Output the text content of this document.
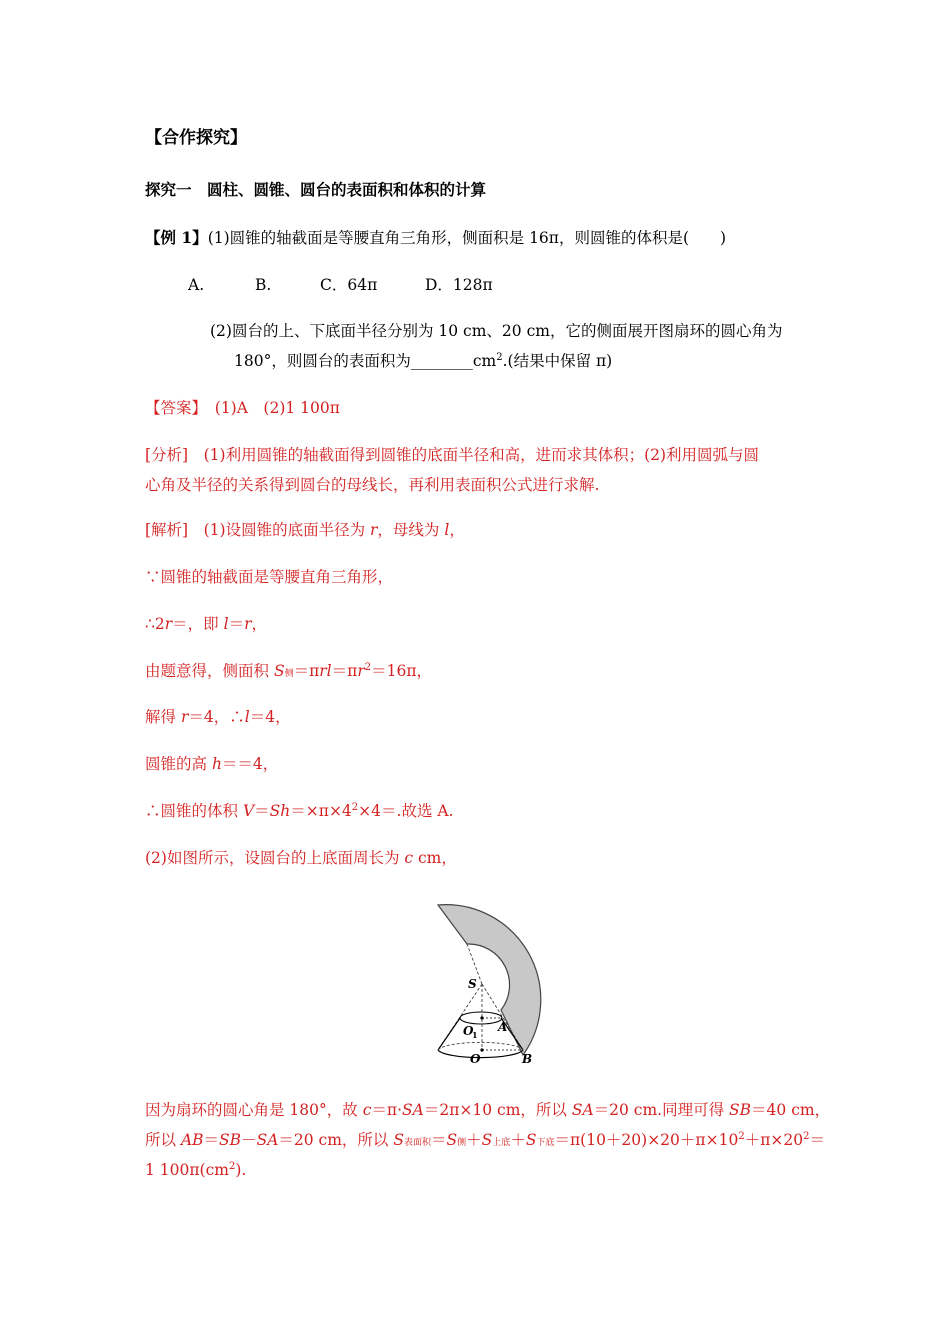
【合作探究】
探究一　圆柱、圆锥、圆台的表面积和体积的计算
【例 1】(1)圆锥的轴截面是等腰直角三角形，侧面积是 16π，则圆锥的体积是(　　)
A.	B.	C．64π	D．128π
(2)圆台的上、下底面半径分别为 10 cm、20 cm，它的侧面展开图扇环的圆心角为
180°，则圆台的表面积为$\_\_\_\_\_\_\_\_cm^2$.(结果中保留 π)
【答案】　(1)A　(2)1 100π
[分析]　(1)利用圆锥的轴截面得到圆锥的底面半径和高，进而求其体积；(2)利用圆弧与圆
心角及半径的关系得到圆台的母线长，再利用表面积公式进行求解.
[解析]　(1)设圆锥的底面半径为 r，母线为 l，
∵圆锥的轴截面是等腰直角三角形，
∴2r＝，即 l＝r，
由题意得，侧面积 S侧$=\pi rl=\pi r^2=16\pi$，
解得 r＝4，∴l＝4，
圆锥的高 h＝＝4，
∴圆锥的体积 $V=Sh=\times\pi\times 4^2\times 4=$.故选 A.
(2)如图所示，设圆台的上底面周长为 c cm，
S
O
1
O
A
B
因为扇环的圆心角是 180°，故 c＝π·SA＝2π×10 cm，所以 SA＝20 cm.同理可得 SB＝40 cm，
所以 AB＝SB－SA＝20 cm，所以 S表面积＝S侧＋S上底＋S下底$=\pi(10+20)\times 20+\pi\times 10^2+\pi\times 20^2=$
1 $100\pi(cm^2)$.
